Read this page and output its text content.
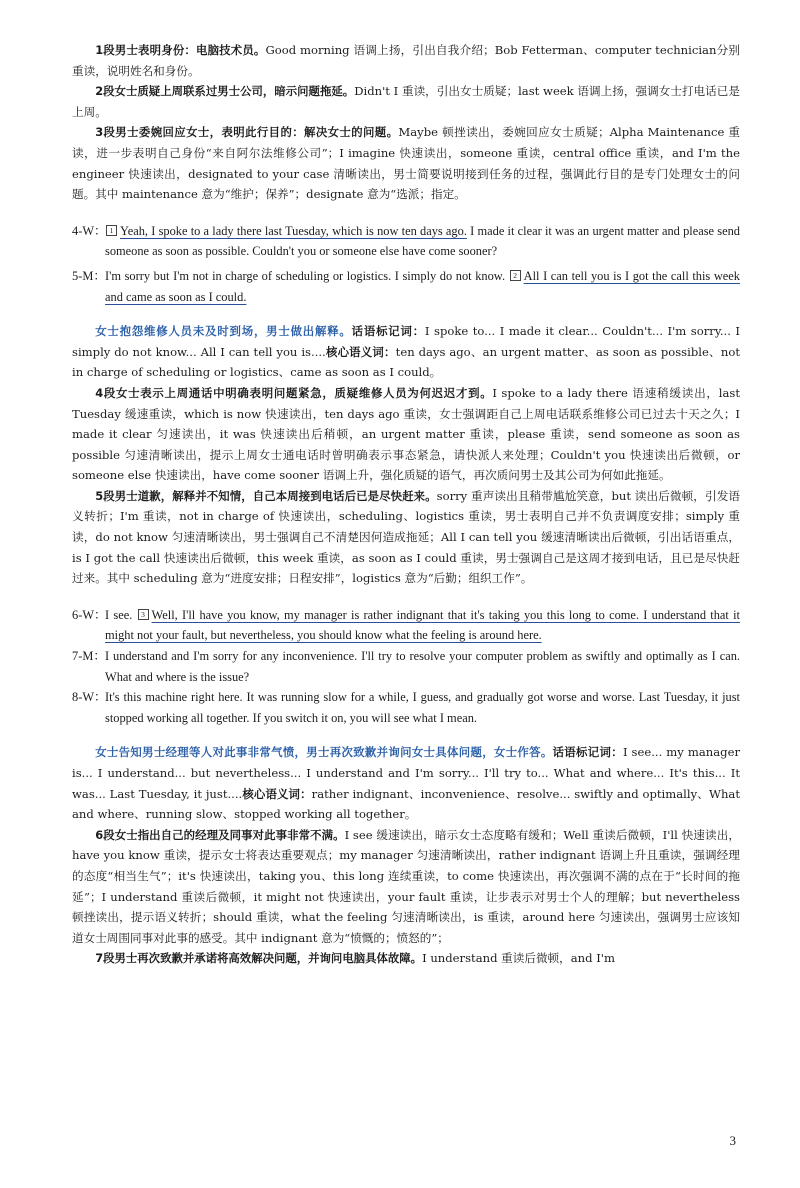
1段男士表明身份：电脑技术员。Good morning 语调上扬，引出自我介绍；Bob Fetterman、computer technician分别重读，说明姓名和身份。

2段女士质疑上周联系过男士公司，暗示问题拖延。Didn't I 重读，引出女士质疑；last week 语调上扬，强调女士打电话已是上周。

3段男士委婉回应女士，表明此行目的：解决女士的问题。Maybe 顿挫读出，委婉回应女士质疑；Alpha Maintenance 重读，进一步表明自己身份“来自阿尔法维修公司”；I imagine 快速读出，someone 重读，central office 重读，and I'm the engineer 快速读出，designated to your case 清晰读出，男士简要说明接到任务的过程，强调此行目的是专门处理女士的问题。其中 maintenance 意为“维护；保养”；designate 意为“选派；指定。

4-W： 1 Yeah, I spoke to a lady there last Tuesday, which is now ten days ago. I made it clear it was an urgent matter and please send someone as soon as possible. Couldn't you or someone else have come sooner?

5-M： I'm sorry but I'm not in charge of scheduling or logistics. I simply do not know. 2 All I can tell you is I got the call this week and came as soon as I could.

女士抱怨维修人员未及时到场，男士做出解释。话语标记词：I spoke to... I made it clear... Couldn't... I'm sorry... I simply do not know... All I can tell you is....核心语义词：ten days ago、an urgent matter、as soon as possible、not in charge of scheduling or logistics、came as soon as I could。

4段女士表示上周通话中明确表明问题紧急，质疑维修人员为何迟迟才到。I spoke to a lady there 语速稍缓读出，last Tuesday 缓速重读，which is now 快速读出，ten days ago 重读，女士强调距自己上周电话联系维修公司已过去十天之久；I made it clear 匀速读出，it was 快速读出后稍顿，an urgent matter 重读，please 重读，send someone as soon as possible 匀速清晰读出，提示上周女士通电话时曾明确表示事态紧急，请快派人来处理；Couldn't you 快速读出后微顿，or someone else 快速读出，have come sooner 语调上升，强化质疑的语气，再次质问男士及其公司为何如此拖延。

5段男士道歉，解释并不知情，自己本周接到电话后已是尽快赶来。sorry 重声读出且稍带尴尬笑意，but 读出后微顿，引发语义转折；I'm 重读，not in charge of 快速读出，scheduling、logistics 重读，男士表明自己并不负责调度安排；simply 重读，do not know 匀速清晰读出，男士强调自己不清楚因何造成拖延；All I can tell you 缓速清晰读出后微顿，引出话语重点，is I got the call 快速读出后微顿，this week 重读，as soon as I could 重读，男士强调自己是这周才接到电话，且已是尽快赶过来。其中 scheduling 意为“进度安排；日程安排”，logistics 意为“后勤；组织工作”。

6-W：
I see. 3 Well, I'll have you know, my manager is rather indignant that it's taking you this long to come. I understand that it might not your fault, but nevertheless, you should know what the feeling is around here.

7-M： I understand and I'm sorry for any inconvenience. I'll try to resolve your computer problem as swiftly and optimally as I can. What and where is the issue?

8-W：
It's this machine right here. It was running slow for a while, I guess, and gradually got worse and worse. Last Tuesday, it just stopped working all together. If you switch it on, you will see what I mean.

女士告知男士经理等人对此事非常气愤，男士再次致歉并询问女士具体问题，女士作答。话语标记词：I see... my manager is... I understand... but nevertheless... I understand and I'm sorry... I'll try to... What and where... It's this... It was... Last Tuesday, it just....核心语义词：rather indignant、inconvenience、resolve... swiftly and optimally、What and where、running slow、stopped working all together。

6段女士指出自己的经理及同事对此事非常不满。I see 缓速读出，暗示女士态度略有缓和；Well 重读后微顿，I'll 快速读出，have you know 重读，提示女士将表达重要观点；my manager 匀速清晰读出，rather indignant 语调上升且重读，强调经理的态度“相当生气”；it's 快速读出，taking you、this long 连续重读，to come 快速读出，再次强调不满的点在于“长时间的拖延”；I understand 重读后微顿，it might not 快速读出，your fault 重读，让步表示对男士个人的理解；but nevertheless 顿挫读出，提示语义转折；should 重读，what the feeling 匀速清晰读出，is 重读，around here 匀速读出，强调男士应该知道女士周围同事对此事的感受。其中 indignant 意为“愤慨的；愤怒的”；

7段男士再次致歉并承诺将高效解决问题，并询问电脑具体故障。I understand 重读后微顿，and I'm

3
